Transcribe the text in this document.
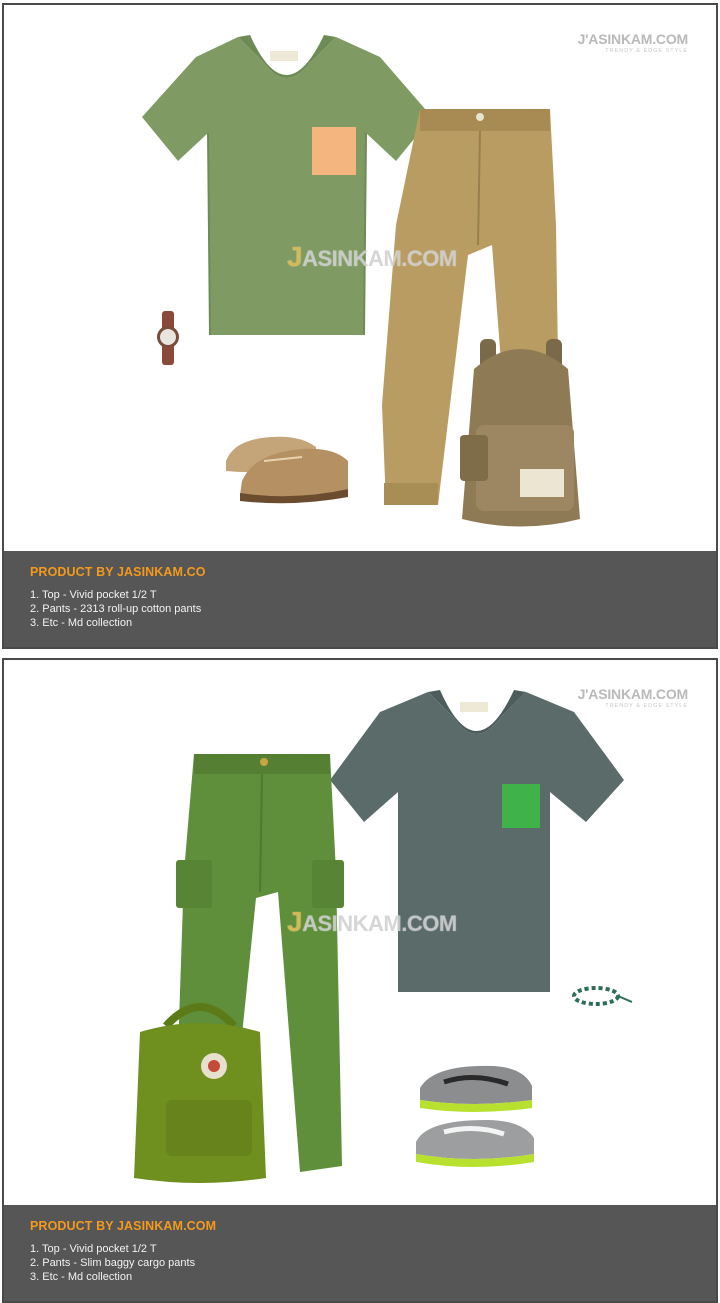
J'ASINKAM.COM
TRENDY & EDGE STYLE
JASINKAM.COM
PRODUCT BY JASINKAM.CO
1. Top - Vivid pocket 1/2 T
2. Pants - 2313 roll-up cotton pants
3. Etc - Md collection
J'ASINKAM.COM
TRENDY & EDGE STYLE
JASINKAM.COM
PRODUCT BY JASINKAM.COM
1. Top - Vivid pocket 1/2 T
2. Pants - Slim baggy cargo pants
3. Etc - Md collection
